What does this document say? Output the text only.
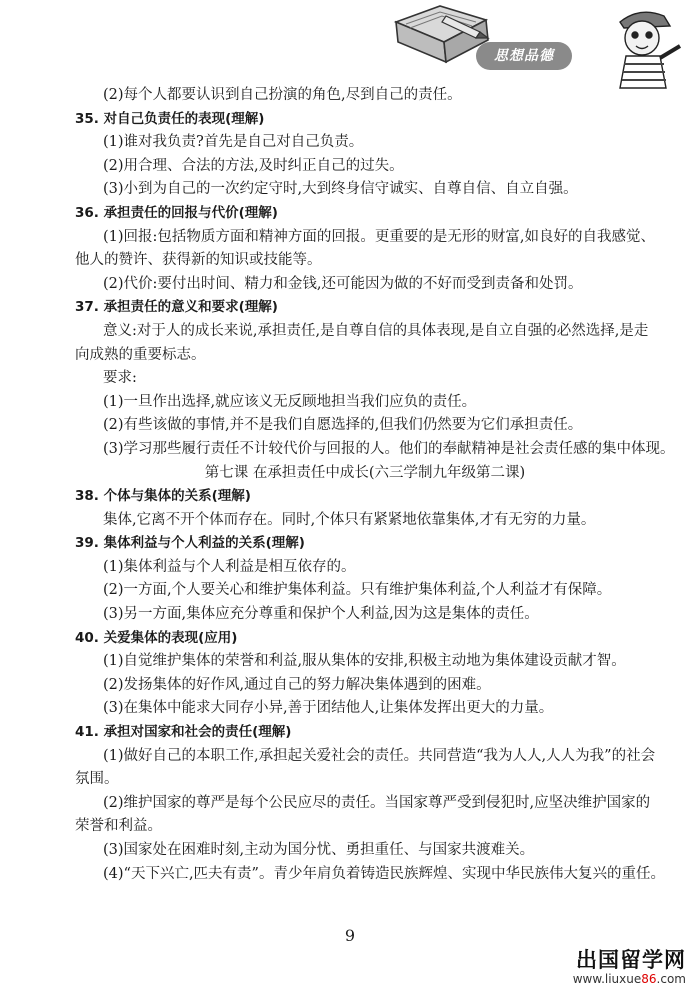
思想品德
(2)每个人都要认识到自己扮演的角色,尽到自己的责任。
35. 对自己负责任的表现(理解)
(1)谁对我负责?首先是自己对自己负责。
(2)用合理、合法的方法,及时纠正自己的过失。
(3)小到为自己的一次约定守时,大到终身信守诚实、自尊自信、自立自强。
36. 承担责任的回报与代价(理解)
(1)回报:包括物质方面和精神方面的回报。更重要的是无形的财富,如良好的自我感觉、
他人的赞许、获得新的知识或技能等。
(2)代价:要付出时间、精力和金钱,还可能因为做的不好而受到责备和处罚。
37. 承担责任的意义和要求(理解)
意义:对于人的成长来说,承担责任,是自尊自信的具体表现,是自立自强的必然选择,是走
向成熟的重要标志。
要求:
(1)一旦作出选择,就应该义无反顾地担当我们应负的责任。
(2)有些该做的事情,并不是我们自愿选择的,但我们仍然要为它们承担责任。
(3)学习那些履行责任不计较代价与回报的人。他们的奉献精神是社会责任感的集中体现。
第七课 在承担责任中成长(六三学制九年级第二课)
38. 个体与集体的关系(理解)
集体,它离不开个体而存在。同时,个体只有紧紧地依靠集体,才有无穷的力量。
39. 集体利益与个人利益的关系(理解)
(1)集体利益与个人利益是相互依存的。
(2)一方面,个人要关心和维护集体利益。只有维护集体利益,个人利益才有保障。
(3)另一方面,集体应充分尊重和保护个人利益,因为这是集体的责任。
40. 关爱集体的表现(应用)
(1)自觉维护集体的荣誉和利益,服从集体的安排,积极主动地为集体建设贡献才智。
(2)发扬集体的好作风,通过自己的努力解决集体遇到的困难。
(3)在集体中能求大同存小异,善于团结他人,让集体发挥出更大的力量。
41. 承担对国家和社会的责任(理解)
(1)做好自己的本职工作,承担起关爱社会的责任。共同营造“我为人人,人人为我”的社会
氛围。
(2)维护国家的尊严是每个公民应尽的责任。当国家尊严受到侵犯时,应坚决维护国家的
荣誉和利益。
(3)国家处在困难时刻,主动为国分忧、勇担重任、与国家共渡难关。
(4)“天下兴亡,匹夫有责”。青少年肩负着铸造民族辉煌、实现中华民族伟大复兴的重任。
9
出国留学网
www.liuxue86.com
